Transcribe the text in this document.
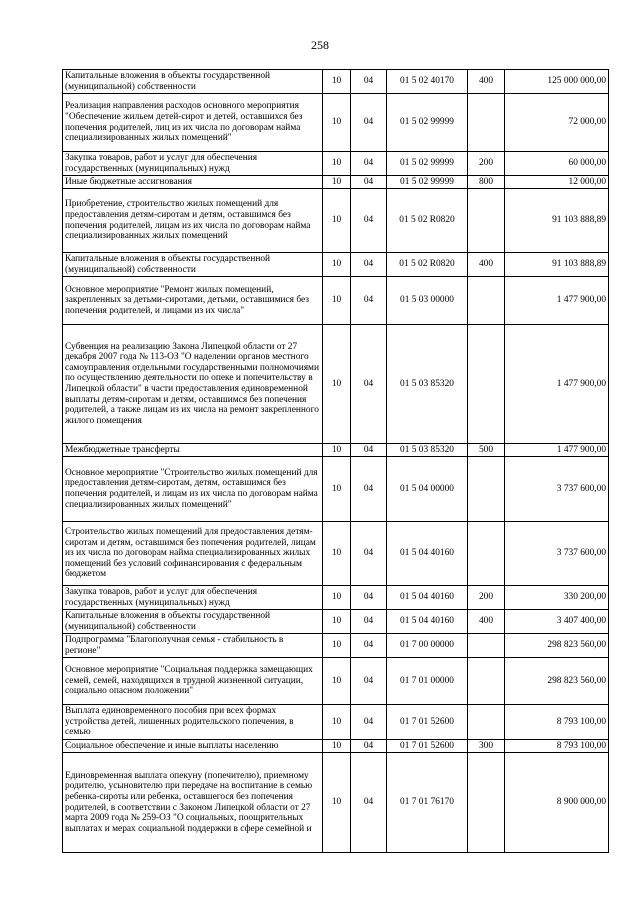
258
Капитальные вложения в объекты государственной (муниципальной) собственности	10	04	01 5 02 40170	400	125 000 000,00
Реализация направления расходов основного мероприятия "Обеспечение жильем детей-сирот и детей, оставшихся без попечения родителей, лиц из их числа по договорам найма специализированных жилых помещений"	10	04	01 5 02 99999		72 000,00
Закупка товаров, работ и услуг для обеспечения государственных (муниципальных) нужд	10	04	01 5 02 99999	200	60 000,00
Иные бюджетные ассигнования	10	04	01 5 02 99999	800	12 000,00
Приобретение, строительство жилых помещений для предоставления детям-сиротам и детям, оставшимся без попечения родителей, лицам из их числа по договорам найма специализированных жилых помещений	10	04	01 5 02 R0820		91 103 888,89
Капитальные вложения в объекты государственной (муниципальной) собственности	10	04	01 5 02 R0820	400	91 103 888,89
Основное мероприятие "Ремонт жилых помещений, закрепленных за детьми-сиротами, детьми, оставшимися без попечения родителей, и лицами из их числа"	10	04	01 5 03 00000		1 477 900,00
Субвенция на реализацию Закона Липецкой области от 27 декабря 2007 года № 113-ОЗ "О наделении органов местного самоуправления отдельными государственными полномочиями по осуществлению деятельности по опеке и попечительству в Липецкой области" в части предоставления единовременной выплаты детям-сиротам и детям, оставшимся без попечения родителей, а также лицам из их числа на ремонт закрепленного жилого помещения	10	04	01 5 03 85320		1 477 900,00
Межбюджетные трансферты	10	04	01 5 03 85320	500	1 477 900,00
Основное мероприятие "Строительство жилых помещений для предоставления детям-сиротам, детям, оставшимся без попечения родителей, и лицам из их числа по договорам найма специализированных жилых помещений"	10	04	01 5 04 00000		3 737 600,00
Строительство жилых помещений для предоставления детям-сиротам и детям, оставшимся без попечения родителей, лицам из их числа по договорам найма специализированных жилых помещений без условий софинансирования с федеральным бюджетом	10	04	01 5 04 40160		3 737 600,00
Закупка товаров, работ и услуг для обеспечения государственных (муниципальных) нужд	10	04	01 5 04 40160	200	330 200,00
Капитальные вложения в объекты государственной (муниципальной) собственности	10	04	01 5 04 40160	400	3 407 400,00
Подпрограмма "Благополучная семья - стабильность в регионе"	10	04	01 7 00 00000		298 823 560,00
Основное мероприятие "Социальная поддержка замещающих семей, семей, находящихся в трудной жизненной ситуации, социально опасном положении"	10	04	01 7 01 00000		298 823 560,00
Выплата единовременного пособия при всех формах устройства детей, лишенных родительского попечения, в семью	10	04	01 7 01 52600		8 793 100,00
Социальное обеспечение и иные выплаты населению	10	04	01 7 01 52600	300	8 793 100,00
Единовременная выплата опекуну (попечителю), приемному родителю, усыновителю при передаче на воспитание в семью ребенка-сироты или ребенка, оставшегося без попечения родителей, в соответствии с Законом Липецкой области от 27 марта 2009 года № 259-ОЗ "О социальных, поощрительных выплатах и мерах социальной поддержки в сфере семейной и	10	04	01 7 01 76170		8 900 000,00
